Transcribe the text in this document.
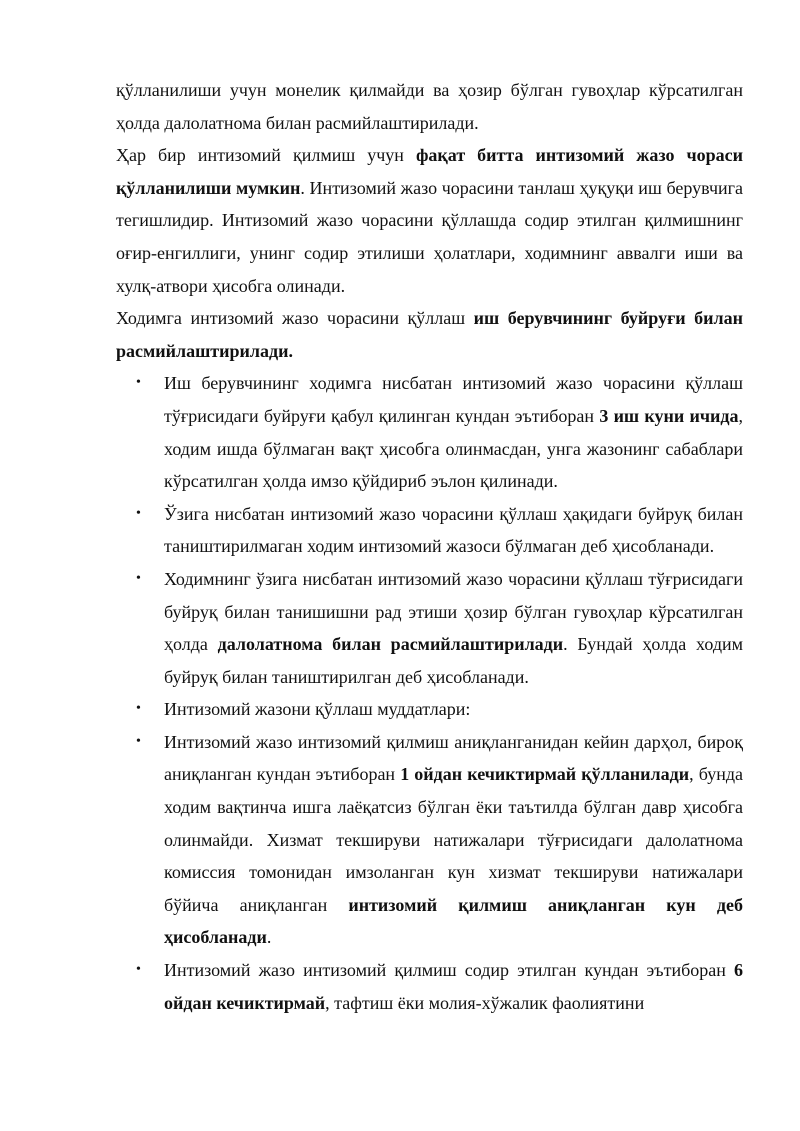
қўлланилиши учун монелик қилмайди ва ҳозир бўлган гувоҳлар кўрсатилган ҳолда далолатнома билан расмийлаштирилади.

Ҳар бир интизомий қилмиш учун фақат битта интизомий жазо чораси қўлланилиши мумкин. Интизомий жазо чорасини танлаш ҳуқуқи иш берувчига тегишлидир. Интизомий жазо чорасини қўллашда содир этилган қилмишнинг оғир-енгиллиги, унинг содир этилиши ҳолатлари, ходимнинг аввалги иши ва хулқ-атвори ҳисобга олинади.

Ходимга интизомий жазо чорасини қўллаш иш берувчининг буйруғи билан расмийлаштирилади.

• Иш берувчининг ходимга нисбатан интизомий жазо чорасини қўллаш тўғрисидаги буйруғи қабул қилинган кундан эътиборан 3 иш куни ичида, ходим ишда бўлмаган вақт ҳисобга олинмасдан, унга жазонинг сабаблари кўрсатилган ҳолда имзо қўйдириб эълон қилинади.
• Ўзига нисбатан интизомий жазо чорасини қўллаш ҳақидаги буйруқ билан таништирилмаган ходим интизомий жазоси бўлмаган деб ҳисобланади.
• Ходимнинг ўзига нисбатан интизомий жазо чорасини қўллаш тўғрисидаги буйруқ билан танишишни рад этиши ҳозир бўлган гувоҳлар кўрсатилган ҳолда далолатнома билан расмийлаштирилади. Бундай ҳолда ходим буйруқ билан таништирилган деб ҳисобланади.
• Интизомий жазони қўллаш муддатлари:
• Интизомий жазо интизомий қилмиш аниқланганидан кейин дарҳол, бироқ аниқланган кундан эътиборан 1 ойдан кечиктирмай қўлланилади, бунда ходим вақтинча ишга лаёқатсиз бўлган ёки таътилда бўлган давр ҳисобга олинмайди. Хизмат текшируви натижалари тўғрисидаги далолатнома комиссия томонидан имзоланган кун хизмат текшируви натижалари бўйича аниқланган интизомий қилмиш аниқланган кун деб ҳисобланади.
• Интизомий жазо интизомий қилмиш содир этилган кундан эътиборан 6 ойдан кечиктирмай, тафтиш ёки молия-хўжалик фаолиятини
